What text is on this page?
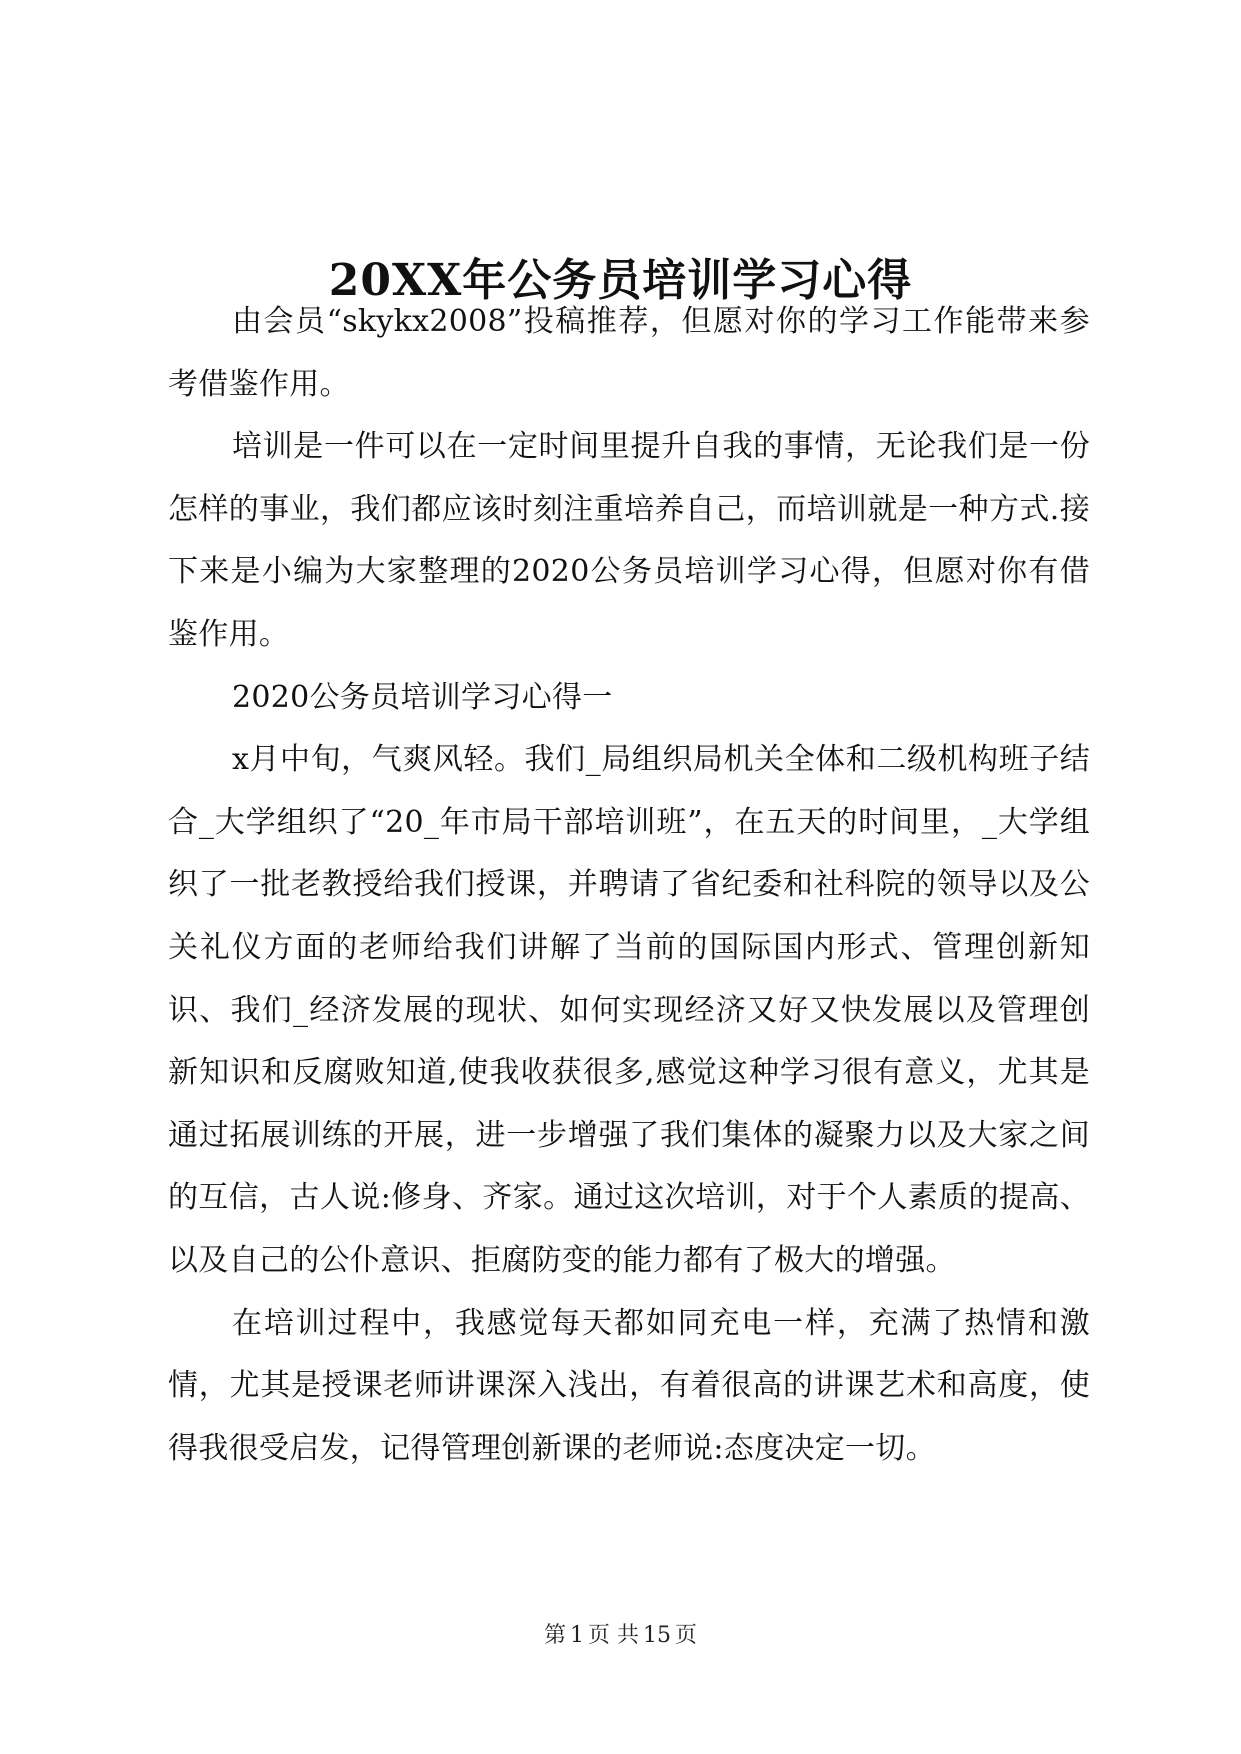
20XX年公务员培训学习心得

由会员“skykx2008”投稿推荐，但愿对你的学习工作能带来参考借鉴作用。

培训是一件可以在一定时间里提升自我的事情，无论我们是一份怎样的事业，我们都应该时刻注重培养自己，而培训就是一种方式.接下来是小编为大家整理的2020公务员培训学习心得，但愿对你有借鉴作用。

2020公务员培训学习心得一

x月中旬，气爽风轻。我们_局组织局机关全体和二级机构班子结合_大学组织了“20_年市局干部培训班”，在五天的时间里，_大学组织了一批老教授给我们授课，并聘请了省纪委和社科院的领导以及公关礼仪方面的老师给我们讲解了当前的国际国内形式、管理创新知识、我们_经济发展的现状、如何实现经济又好又快发展以及管理创新知识和反腐败知道,使我收获很多,感觉这种学习很有意义，尤其是通过拓展训练的开展，进一步增强了我们集体的凝聚力以及大家之间的互信，古人说:修身、齐家。通过这次培训，对于个人素质的提高、以及自己的公仆意识、拒腐防变的能力都有了极大的增强。

在培训过程中，我感觉每天都如同充电一样，充满了热情和激情，尤其是授课老师讲课深入浅出，有着很高的讲课艺术和高度，使得我很受启发，记得管理创新课的老师说:态度决定一切。

第 1 页 共 15 页
